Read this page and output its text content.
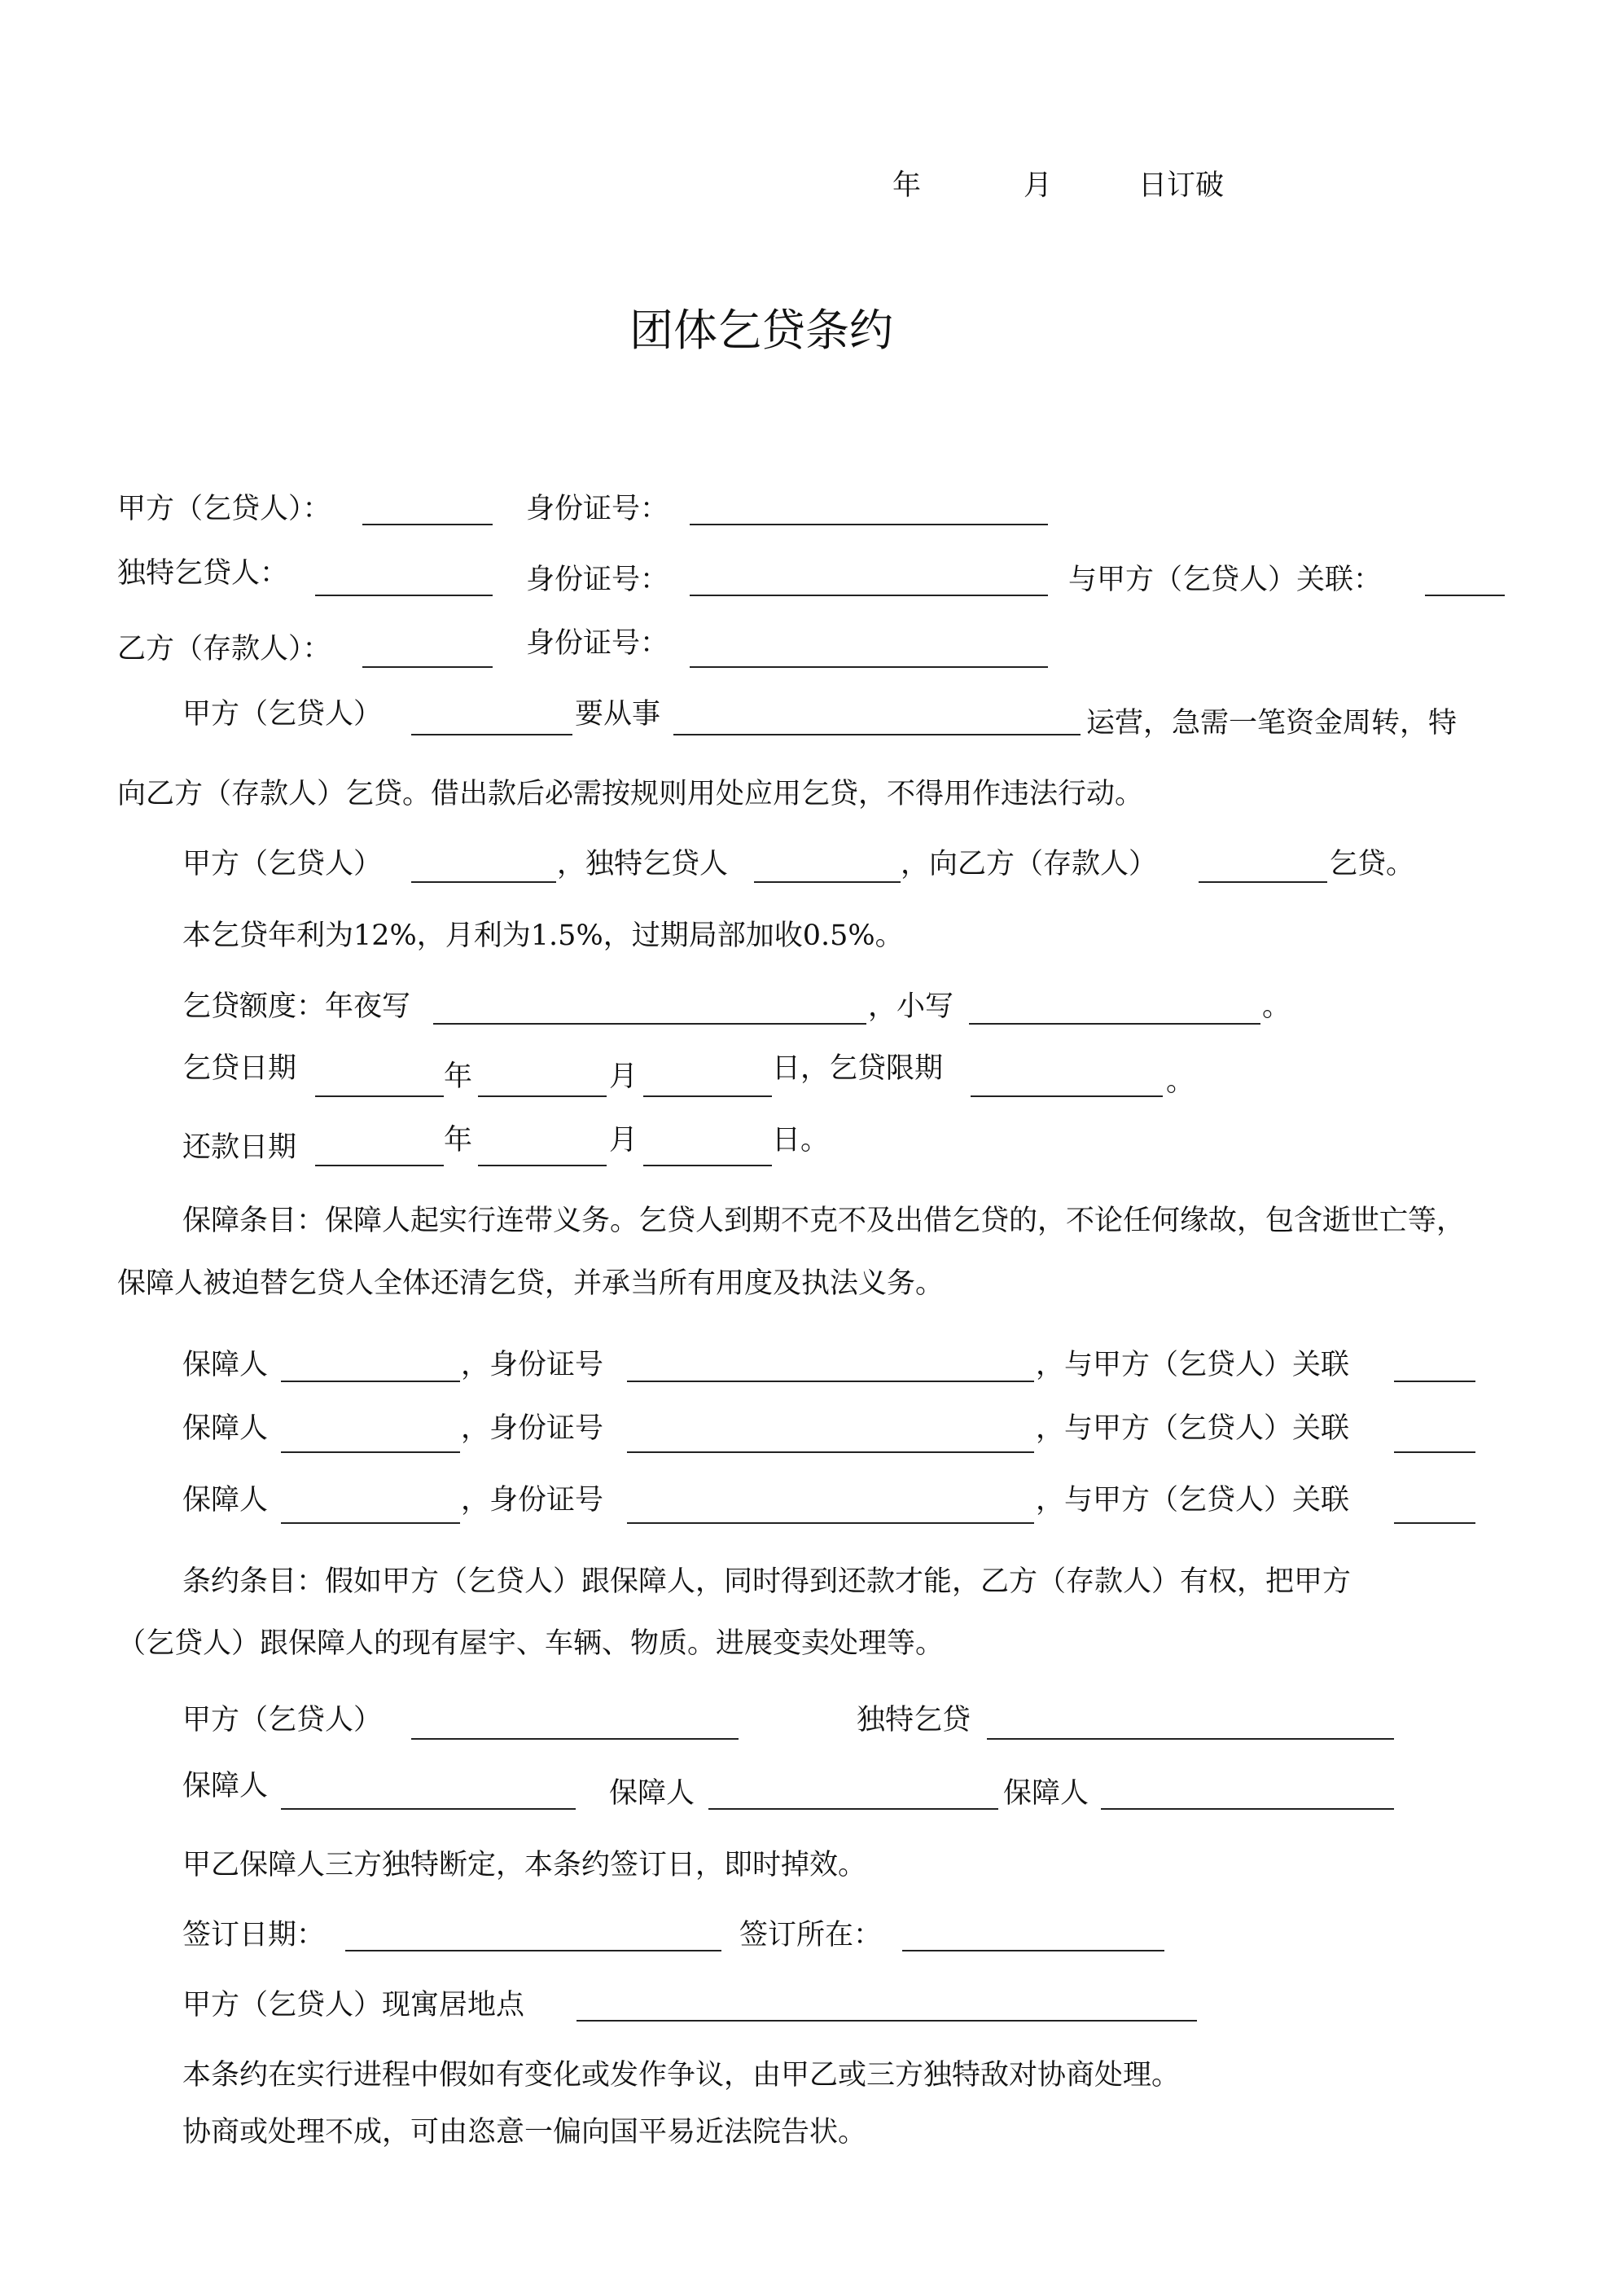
年	月	日订破
团体乞贷条约
甲方（乞贷人）：	身份证号：
独特乞贷人：	身份证号：	与甲方（乞贷人）关联：
乙方（存款人）：	身份证号：
甲方（乞贷人）	要从事	运营，急需一笔资金周转，特
向乙方（存款人）乞贷。借出款后必需按规则用处应用乞贷，不得用作违法行动。
甲方（乞贷人）	，独特乞贷人	，向乙方（存款人）	乞贷。
本乞贷年利为12%，月利为1.5%，过期局部加收0.5%。
乞贷额度：年夜写	，小写	。
乞贷日期	年	月	日，乞贷限期	。
还款日期	年	月	日。
保障条目：保障人起实行连带义务。乞贷人到期不克不及出借乞贷的，不论任何缘故，包含逝世亡等，
保障人被迫替乞贷人全体还清乞贷，并承当所有用度及执法义务。
保障人	，身份证号	，与甲方（乞贷人）关联
保障人	，身份证号	，与甲方（乞贷人）关联
保障人	，身份证号	，与甲方（乞贷人）关联
条约条目：假如甲方（乞贷人）跟保障人，同时得到还款才能，乙方（存款人）有权，把甲方
（乞贷人）跟保障人的现有屋宇、车辆、物质。进展变卖处理等。
甲方（乞贷人）	独特乞贷
保障人	保障人	保障人
甲乙保障人三方独特断定，本条约签订日，即时掉效。
签订日期：	签订所在：
甲方（乞贷人）现寓居地点
本条约在实行进程中假如有变化或发作争议，由甲乙或三方独特敌对协商处理。
协商或处理不成，可由恣意一偏向国平易近法院告状。
